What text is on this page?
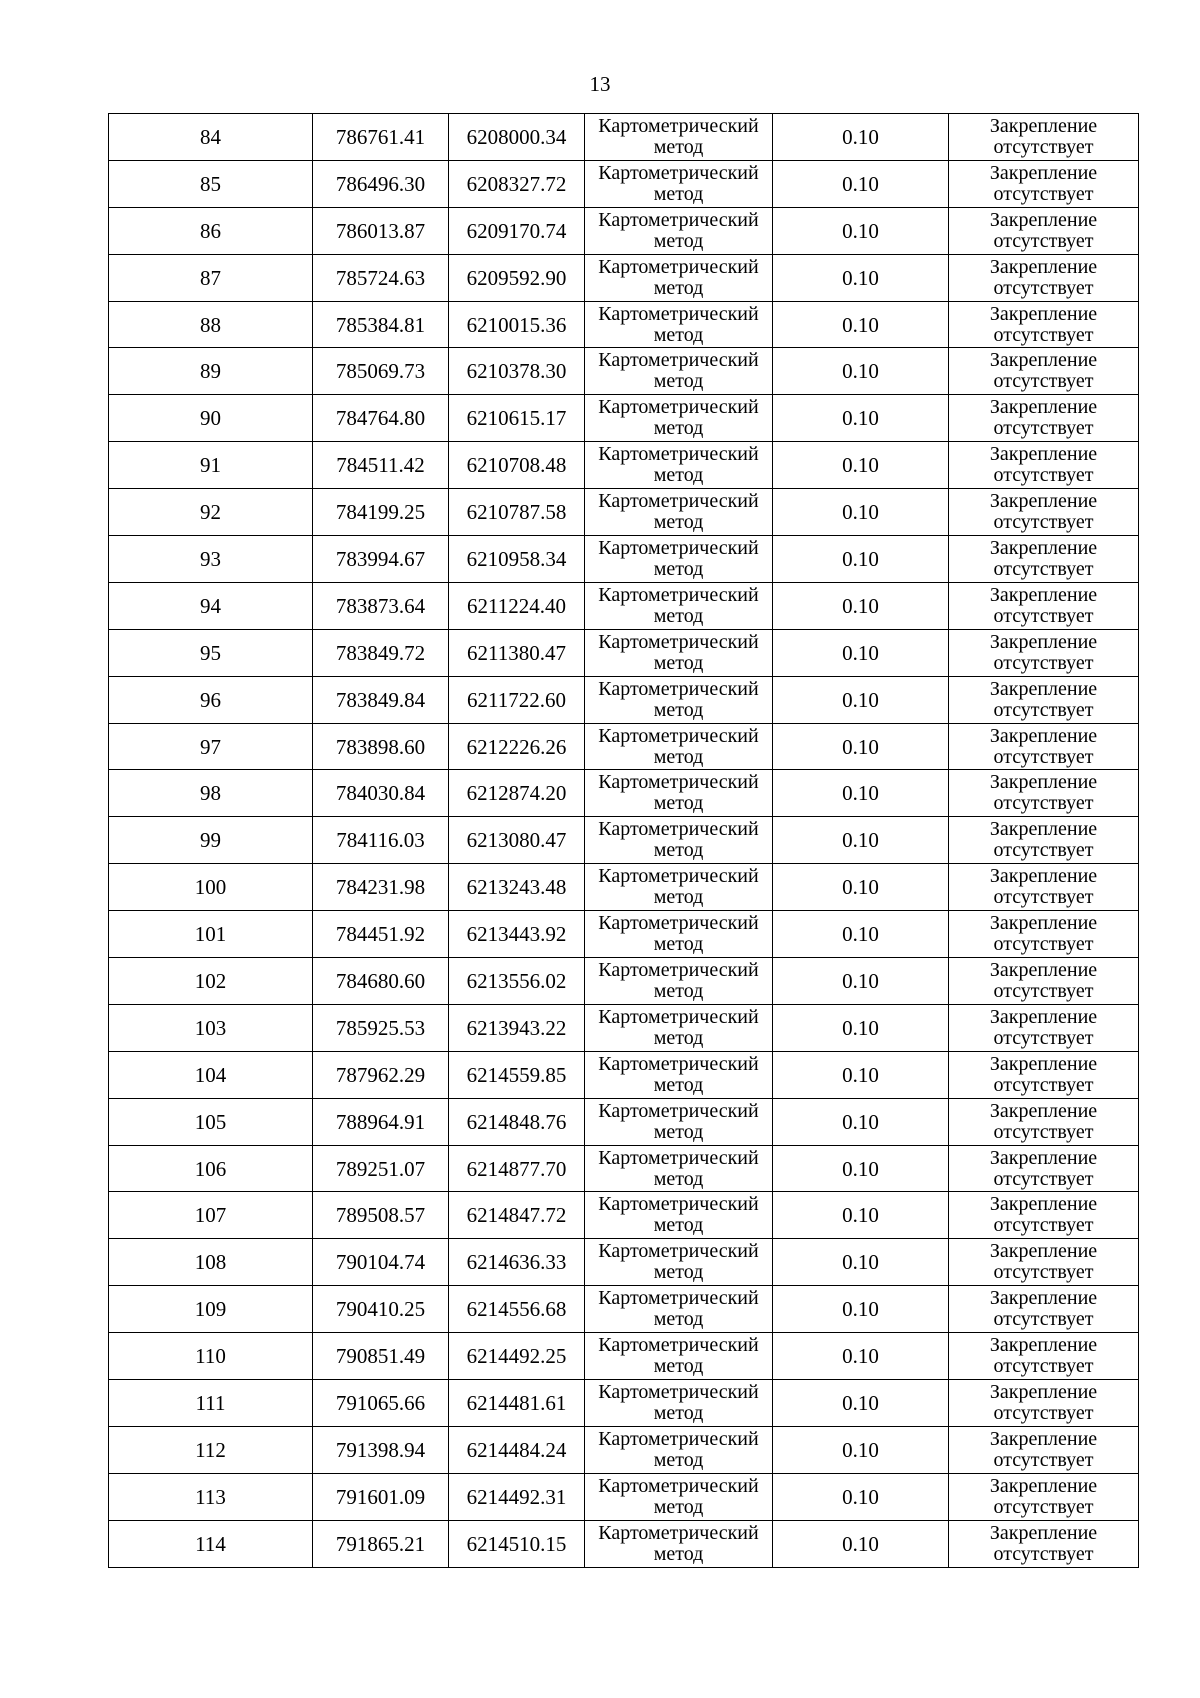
13
84	786761.41	6208000.34	Картометрический метод	0.10	Закрепление отсутствует
85	786496.30	6208327.72	Картометрический метод	0.10	Закрепление отсутствует
86	786013.87	6209170.74	Картометрический метод	0.10	Закрепление отсутствует
87	785724.63	6209592.90	Картометрический метод	0.10	Закрепление отсутствует
88	785384.81	6210015.36	Картометрический метод	0.10	Закрепление отсутствует
89	785069.73	6210378.30	Картометрический метод	0.10	Закрепление отсутствует
90	784764.80	6210615.17	Картометрический метод	0.10	Закрепление отсутствует
91	784511.42	6210708.48	Картометрический метод	0.10	Закрепление отсутствует
92	784199.25	6210787.58	Картометрический метод	0.10	Закрепление отсутствует
93	783994.67	6210958.34	Картометрический метод	0.10	Закрепление отсутствует
94	783873.64	6211224.40	Картометрический метод	0.10	Закрепление отсутствует
95	783849.72	6211380.47	Картометрический метод	0.10	Закрепление отсутствует
96	783849.84	6211722.60	Картометрический метод	0.10	Закрепление отсутствует
97	783898.60	6212226.26	Картометрический метод	0.10	Закрепление отсутствует
98	784030.84	6212874.20	Картометрический метод	0.10	Закрепление отсутствует
99	784116.03	6213080.47	Картометрический метод	0.10	Закрепление отсутствует
100	784231.98	6213243.48	Картометрический метод	0.10	Закрепление отсутствует
101	784451.92	6213443.92	Картометрический метод	0.10	Закрепление отсутствует
102	784680.60	6213556.02	Картометрический метод	0.10	Закрепление отсутствует
103	785925.53	6213943.22	Картометрический метод	0.10	Закрепление отсутствует
104	787962.29	6214559.85	Картометрический метод	0.10	Закрепление отсутствует
105	788964.91	6214848.76	Картометрический метод	0.10	Закрепление отсутствует
106	789251.07	6214877.70	Картометрический метод	0.10	Закрепление отсутствует
107	789508.57	6214847.72	Картометрический метод	0.10	Закрепление отсутствует
108	790104.74	6214636.33	Картометрический метод	0.10	Закрепление отсутствует
109	790410.25	6214556.68	Картометрический метод	0.10	Закрепление отсутствует
110	790851.49	6214492.25	Картометрический метод	0.10	Закрепление отсутствует
111	791065.66	6214481.61	Картометрический метод	0.10	Закрепление отсутствует
112	791398.94	6214484.24	Картометрический метод	0.10	Закрепление отсутствует
113	791601.09	6214492.31	Картометрический метод	0.10	Закрепление отсутствует
114	791865.21	6214510.15	Картометрический метод	0.10	Закрепление отсутствует
